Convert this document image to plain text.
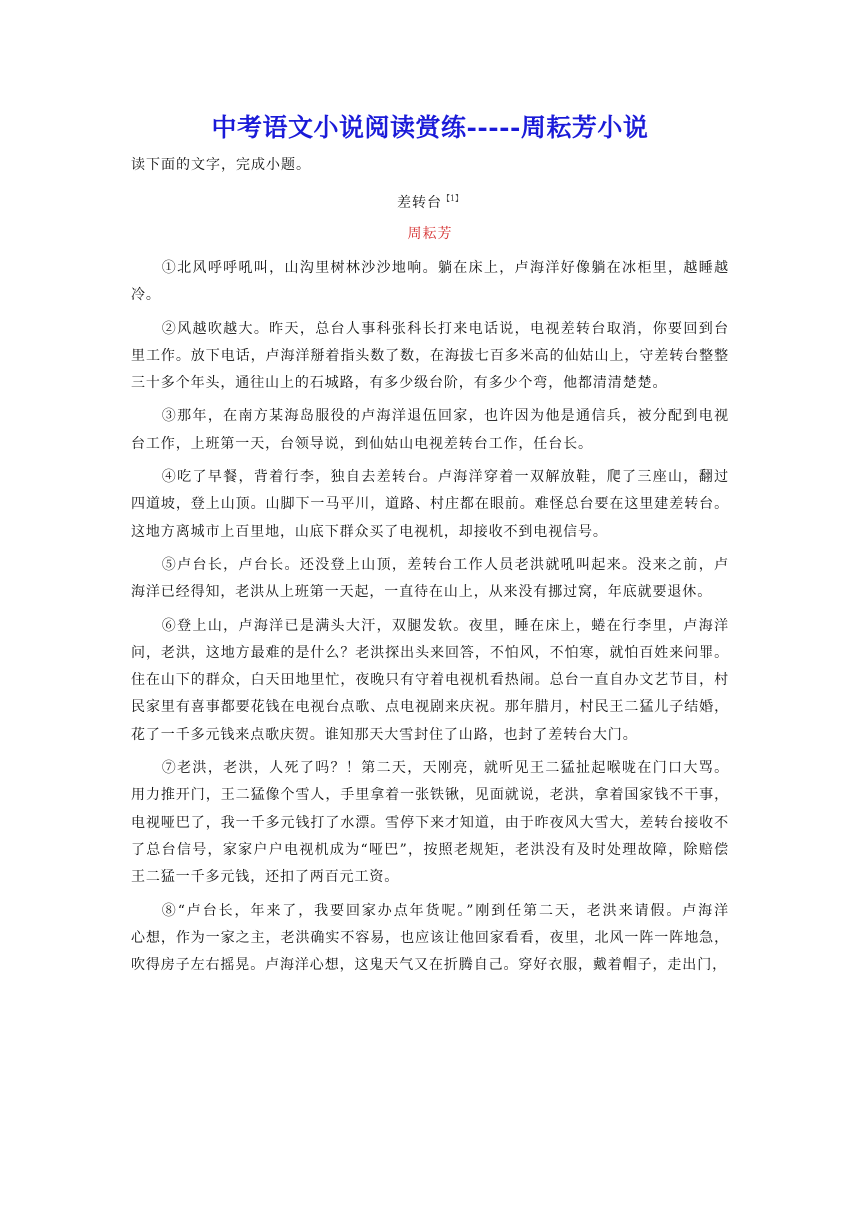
中考语文小说阅读赏练-----周耘芳小说
读下面的文字，完成小题。
差转台$^{【1】}$
周耘芳
①北风呼呼吼叫，山沟里树林沙沙地响。躺在床上，卢海洋好像躺在冰柜里，越睡越
冷。
②风越吹越大。昨天，总台人事科张科长打来电话说，电视差转台取消，你要回到台
里工作。放下电话，卢海洋掰着指头数了数，在海拔七百多米高的仙姑山上，守差转台整整
三十多个年头，通往山上的石城路，有多少级台阶，有多少个弯，他都清清楚楚。
③那年，在南方某海岛服役的卢海洋退伍回家，也许因为他是通信兵，被分配到电视
台工作，上班第一天，台领导说，到仙姑山电视差转台工作，任台长。
④吃了早餐，背着行李，独自去差转台。卢海洋穿着一双解放鞋，爬了三座山，翻过
四道坡，登上山顶。山脚下一马平川，道路、村庄都在眼前。难怪总台要在这里建差转台。
这地方离城市上百里地，山底下群众买了电视机，却接收不到电视信号。
⑤卢台长，卢台长。还没登上山顶，差转台工作人员老洪就吼叫起来。没来之前，卢
海洋已经得知，老洪从上班第一天起，一直待在山上，从来没有挪过窝，年底就要退休。
⑥登上山，卢海洋已是满头大汗，双腿发软。夜里，睡在床上，蜷在行李里，卢海洋
问，老洪，这地方最难的是什么？老洪探出头来回答，不怕风，不怕寒，就怕百姓来问罪。
住在山下的群众，白天田地里忙，夜晚只有守着电视机看热闹。总台一直自办文艺节目，村
民家里有喜事都要花钱在电视台点歌、点电视剧来庆祝。那年腊月，村民王二猛儿子结婚，
花了一千多元钱来点歌庆贺。谁知那天大雪封住了山路，也封了差转台大门。
⑦老洪，老洪，人死了吗？！第二天，天刚亮，就听见王二猛扯起喉咙在门口大骂。
用力推开门，王二猛像个雪人，手里拿着一张铁锹，见面就说，老洪，拿着国家钱不干事，
电视哑巴了，我一千多元钱打了水漂。雪停下来才知道，由于昨夜风大雪大，差转台接收不
了总台信号，家家户户电视机成为“哑巴”，按照老规矩，老洪没有及时处理故障，除赔偿
王二猛一千多元钱，还扣了两百元工资。
⑧“卢台长，年来了，我要回家办点年货呢。”刚到任第二天，老洪来请假。卢海洋
心想，作为一家之主，老洪确实不容易，也应该让他回家看看，夜里，北风一阵一阵地急，
吹得房子左右摇晃。卢海洋心想，这鬼天气又在折腾自己。穿好衣服，戴着帽子，走出门，
